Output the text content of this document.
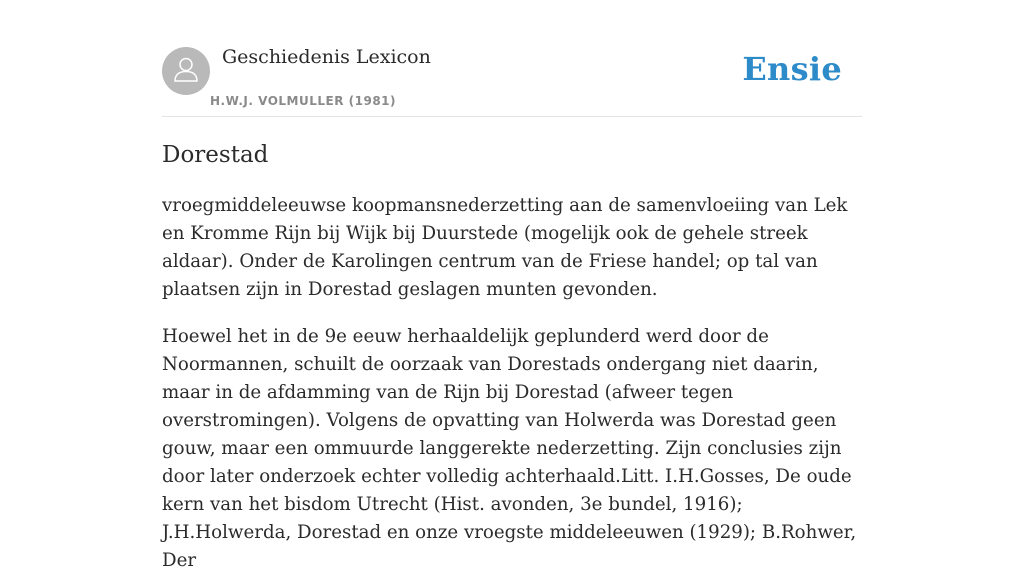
Geschiedenis Lexicon
H.W.J. VOLMULLER (1981)
Ensie
Dorestad

vroegmiddeleeuwse koopmansnederzetting aan de samenvloeiing van Lek en Kromme Rijn bij Wijk bij Duurstede (mogelijk ook de gehele streek aldaar). Onder de Karolingen centrum van de Friese handel; op tal van plaatsen zijn in Dorestad geslagen munten gevonden.

Hoewel het in de 9e eeuw herhaaldelijk geplunderd werd door de Noormannen, schuilt de oorzaak van Dorestads ondergang niet daarin, maar in de afdamming van de Rijn bij Dorestad (afweer tegen overstromingen). Volgens de opvatting van Holwerda was Dorestad geen gouw, maar een ommuurde langgerekte nederzetting. Zijn conclusies zijn door later onderzoek echter volledig achterhaald.Litt. I.H.Gosses, De oude kern van het bisdom Utrecht (Hist. avonden, 3e bundel, 1916); J.H.Holwerda, Dorestad en onze vroegste middeleeuwen (1929); B.Rohwer, Der
